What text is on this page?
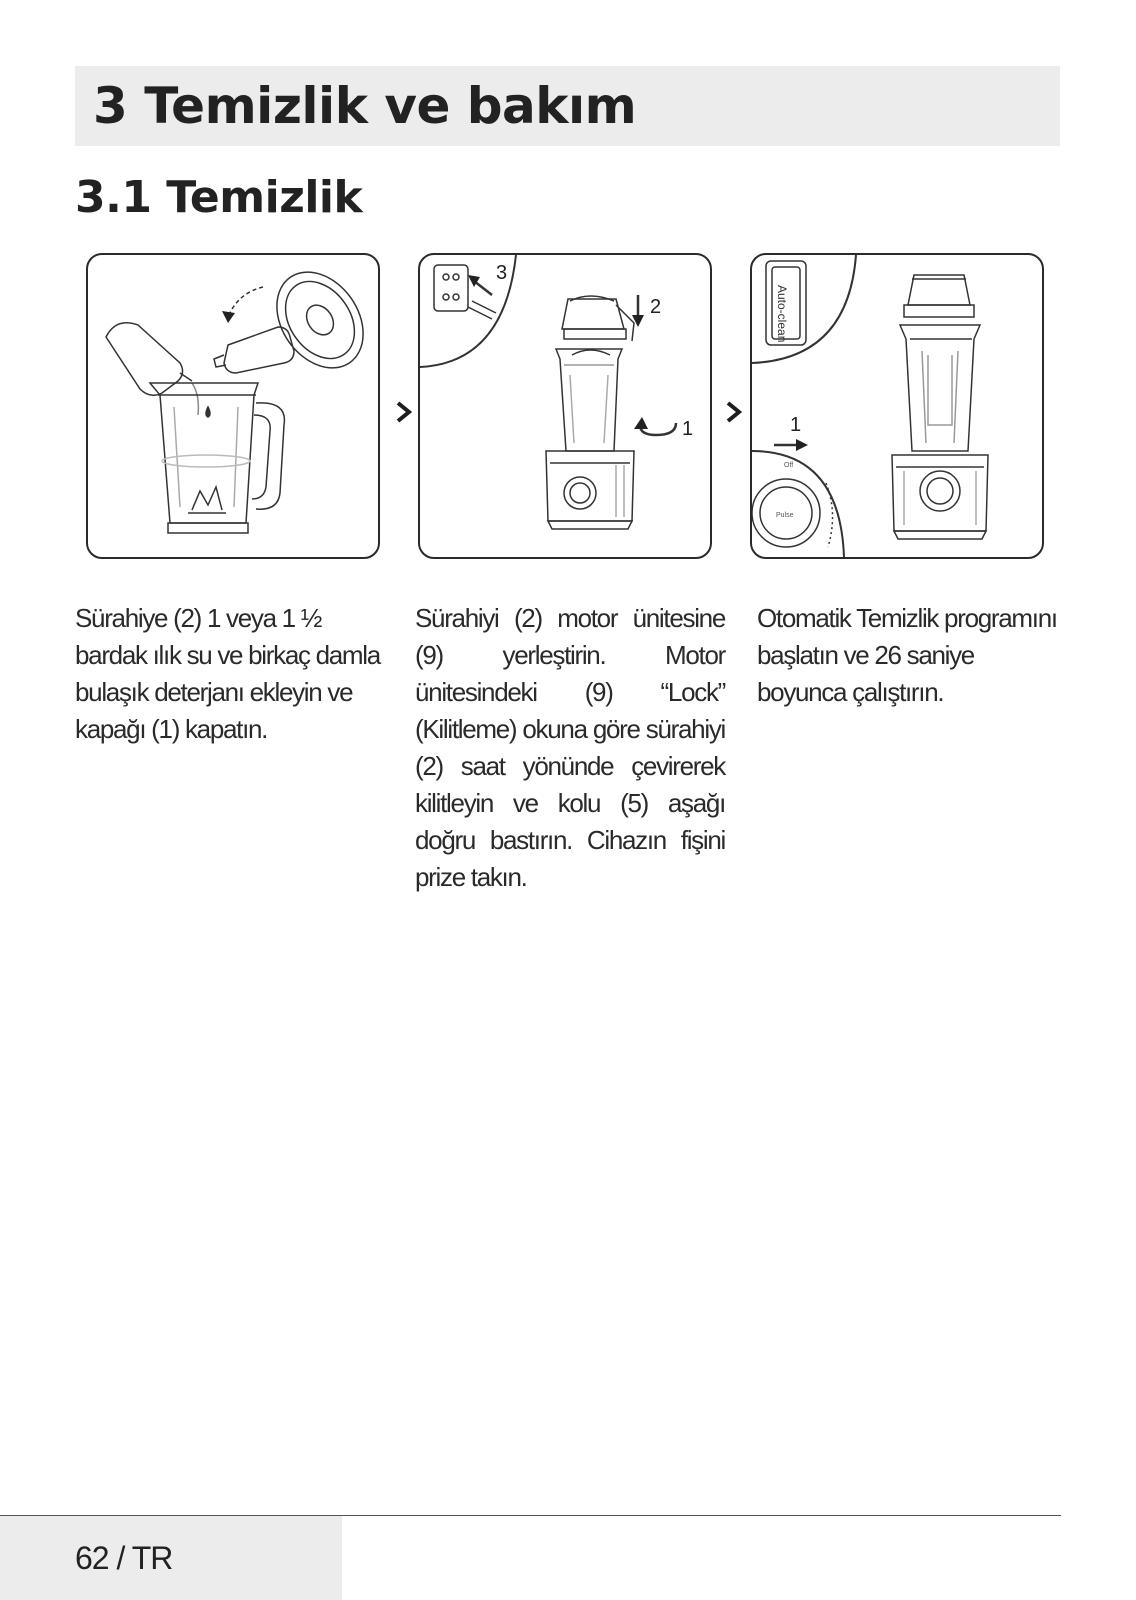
3 Temizlik ve bakım
3.1 Temizlik
3
2
1
Auto-clean
1
Off
Pulse

Sürahiye (2) 1 veya 1 ½ bardak ılık su ve birkaç damla bulaşık deterjanı ekleyin ve kapağı (1) kapatın.

Sürahiyi (2) motor ünitesine (9) yerleştirin. Motor ünitesindeki (9) “Lock” (Kilitleme) okuna göre sürahiyi (2) saat yönünde çevirerek kilitleyin ve kolu (5) aşağı doğru bastırın. Cihazın fişini prize takın.

Otomatik Temizlik programını başlatın ve 26 saniye boyunca çalıştırın.

62 / TR
